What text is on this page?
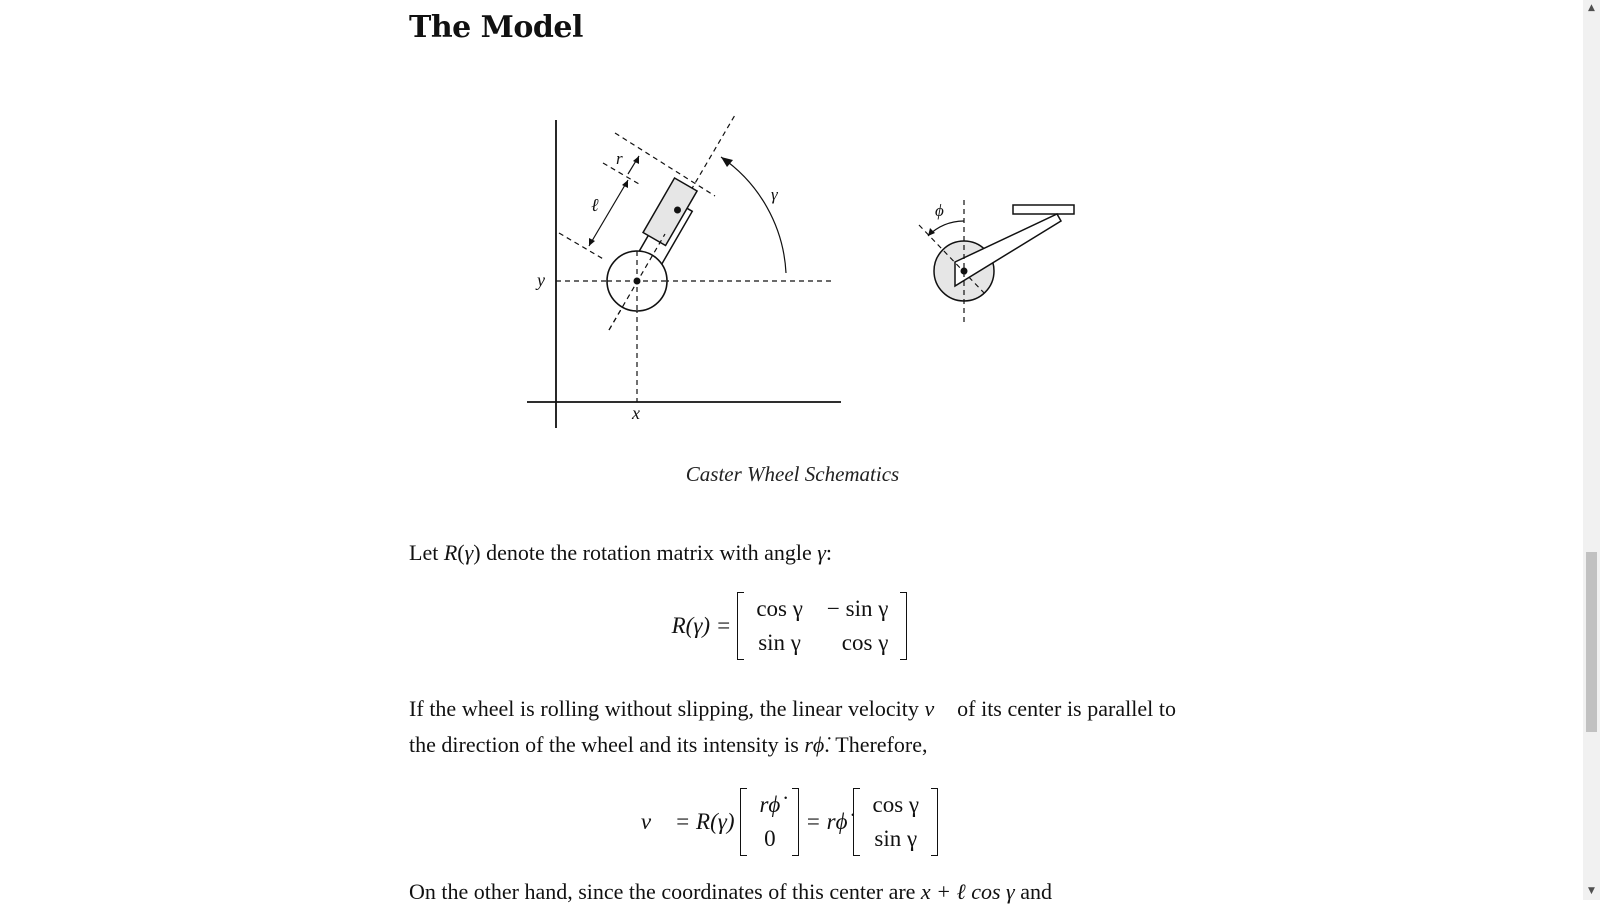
The Model
r
ℓ
γ
y
x
ϕ
Caster Wheel Schematics

Let R(γ) denote the rotation matrix with angle γ:

R(γ) =
cos γ	− sin γ
sin γ	cos γ

If the wheel is rolling without slipping, the linear velocity v⃗ of its center is parallel to the direction of the wheel and its intensity is rϕ̇. Therefore,

v⃗ = R(γ)
rϕ̇
0
= rϕ̇
cos γ
sin γ

On the other hand, since the coordinates of this center are x + ℓ cos γ and

▲
▼
